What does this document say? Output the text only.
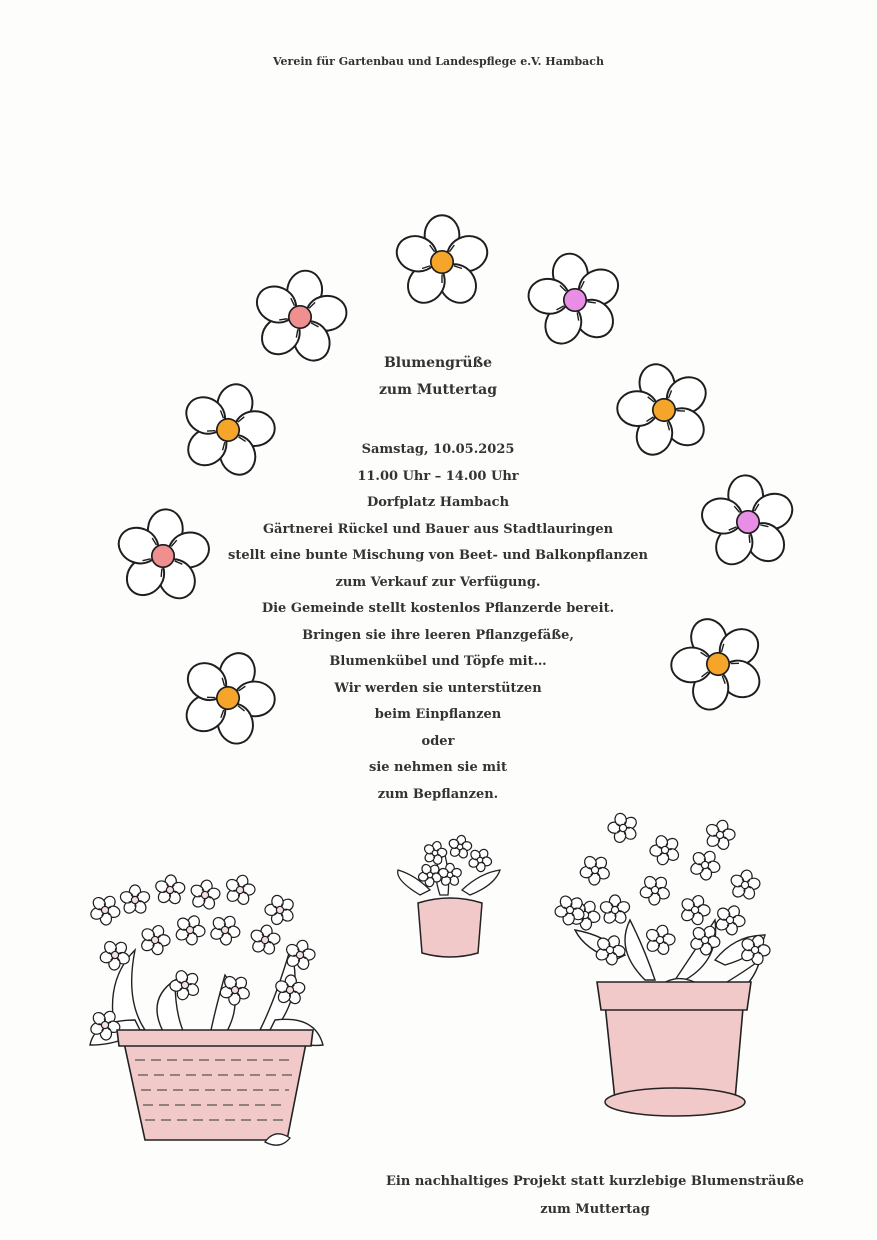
Verein für Gartenbau und Landespflege e.V. Hambach
Blumengrüße
zum Muttertag
Samstag, 10.05.2025
11.00 Uhr – 14.00 Uhr
Dorfplatz Hambach
Gärtnerei Rückel und Bauer aus Stadtlauringen
stellt eine bunte Mischung von Beet- und Balkonpflanzen
zum Verkauf zur Verfügung.
Die Gemeinde stellt kostenlos Pflanzerde bereit.
Bringen sie ihre leeren Pflanzgefäße,
Blumenkübel und Töpfe mit…
Wir werden sie unterstützen
beim Einpflanzen
oder
sie nehmen sie mit
zum Bepflanzen.
Ein nachhaltiges Projekt statt kurzlebige Blumensträuße
zum Muttertag
